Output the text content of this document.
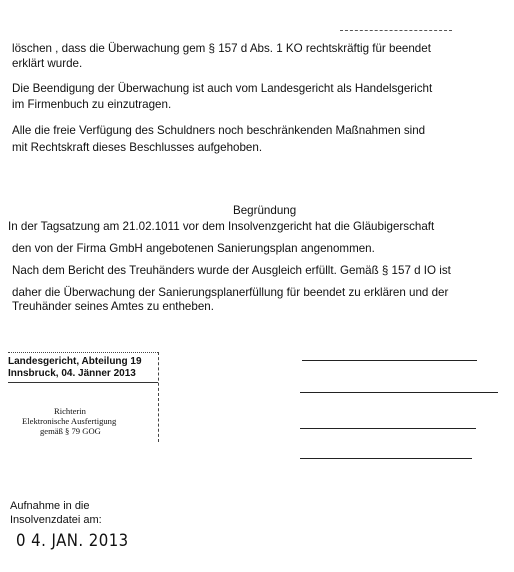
löschen , dass die Überwachung gem § 157 d Abs. 1 KO rechtskräftig für beendet
erklärt wurde.
Die Beendigung der Überwachung ist auch vom Landesgericht als Handelsgericht
im Firmenbuch zu einzutragen.
Alle die freie Verfügung des Schuldners noch beschränkenden Maßnahmen sind
mit Rechtskraft dieses Beschlusses aufgehoben.
Begründung
In der Tagsatzung am 21.02.1011 vor dem Insolvenzgericht hat die Gläubigerschaft
den von der Firma GmbH angebotenen Sanierungsplan angenommen.
Nach dem Bericht des Treuhänders wurde der Ausgleich erfüllt. Gemäß § 157 d IO ist
daher die Überwachung der Sanierungsplanerfüllung für beendet zu erklären und der
Treuhänder seines Amtes zu entheben.
Landesgericht, Abteilung 19
Innsbruck, 04. Jänner 2013
Richterin
Elektronische Ausfertigung
gemäß § 79 GOG
Aufnahme in die
Insolvenzdatei am:
0 4. JAN. 2013
